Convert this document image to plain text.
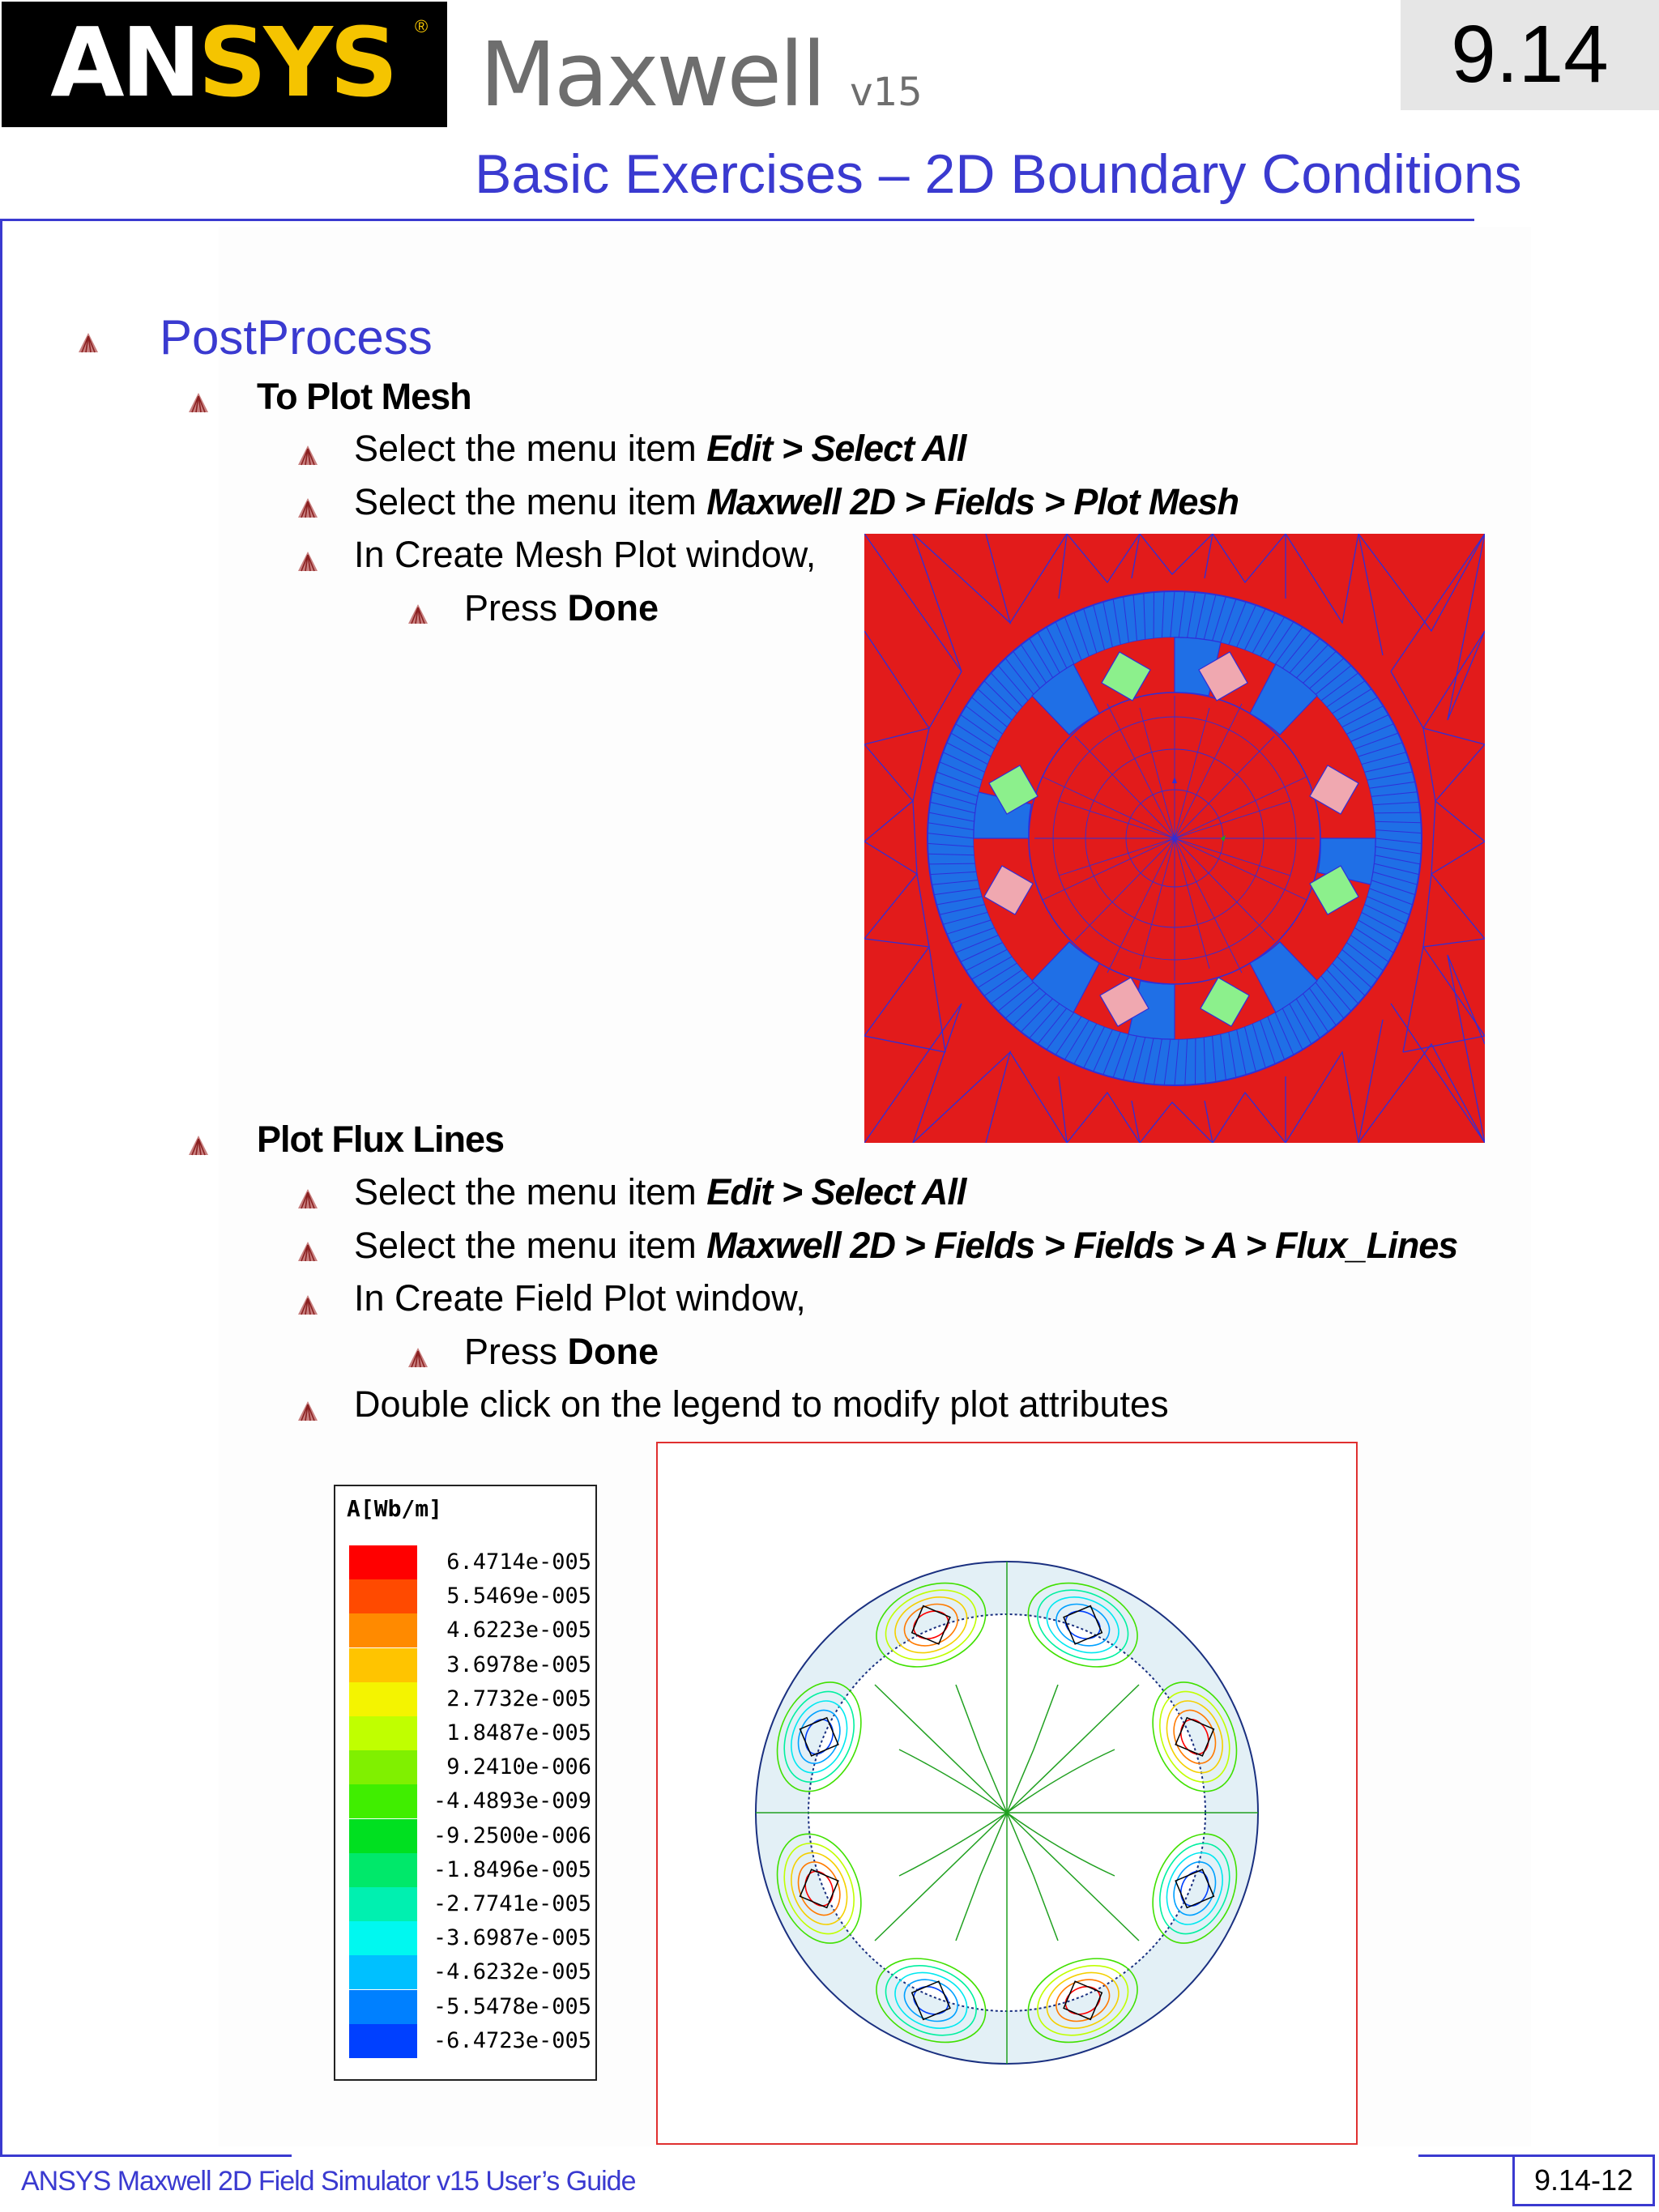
ANSYS	® Maxwell v15	9.14
Basic Exercises – 2D Boundary Conditions
PostProcess
To Plot Mesh
Select the menu item Edit > Select All
Select the menu item Maxwell 2D > Fields > Plot Mesh
In Create Mesh Plot window,
Press Done
Plot Flux Lines
Select the menu item Edit > Select All
Select the menu item Maxwell 2D > Fields > Fields > A > Flux_Lines
In Create Field Plot window,
Press Done
Double click on the legend to modify plot attributes
A[Wb/m]
6.4714e-005
5.5469e-005
4.6223e-005
3.6978e-005
2.7732e-005
1.8487e-005
9.2410e-006
-4.4893e-009
-9.2500e-006
-1.8496e-005
-2.7741e-005
-3.6987e-005
-4.6232e-005
-5.5478e-005
-6.4723e-005
ANSYS Maxwell 2D Field Simulator v15 User’s Guide	9.14-12
